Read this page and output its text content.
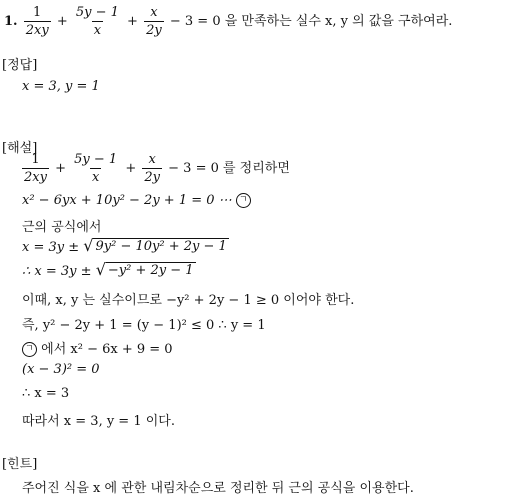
1. $\frac{1}{2xy} + \frac{5y - 1}{x} + \frac{x}{2y} - 3 = 0$ 을 만족하는 실수 x, y 의 값을 구하여라.
[정답]
x = 3, y = 1
[해설]
$\frac{1}{2xy} + \frac{5y - 1}{x} + \frac{x}{2y} - 3 = 0$ 를 정리하면
x² − 6yx + 10y² − 2y + 1 = 0 ⋯ ㄱ
근의 공식에서
x = 3y ± √ 9y² − 10y² + 2y − 1
∴ x = 3y ± √ −y² + 2y − 1
이때, x, y 는 실수이므로 −y² + 2y − 1 ≥ 0 이어야 한다.
즉, y² − 2y + 1 = (y − 1)² ≤ 0 ∴ y = 1
ㄱ 에서 x² − 6x + 9 = 0
(x − 3)² = 0
∴ x = 3
따라서 x = 3, y = 1 이다.
[힌트]
주어진 식을 x 에 관한 내림차순으로 정리한 뒤 근의 공식을 이용한다.
